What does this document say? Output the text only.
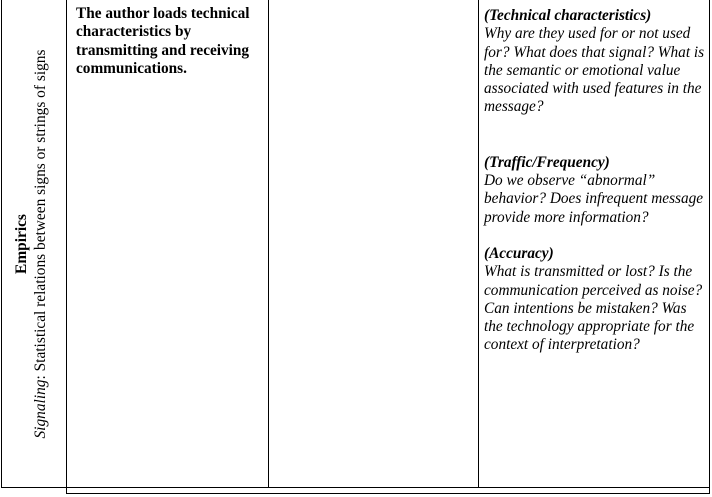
Empirics
Signaling: Statistical relations between signs or strings of signs
The author loads technical characteristics by transmitting and receiving communications.
(Technical characteristics)
Why are they used for or not used for? What does that signal? What is the semantic or emotional value associated with used features in the message?
(Traffic/Frequency)
Do we observe “abnormal” behavior? Does infrequent message provide more information?
(Accuracy)
What is transmitted or lost? Is the communication perceived as noise? Can intentions be mistaken? Was the technology appropriate for the context of interpretation?
